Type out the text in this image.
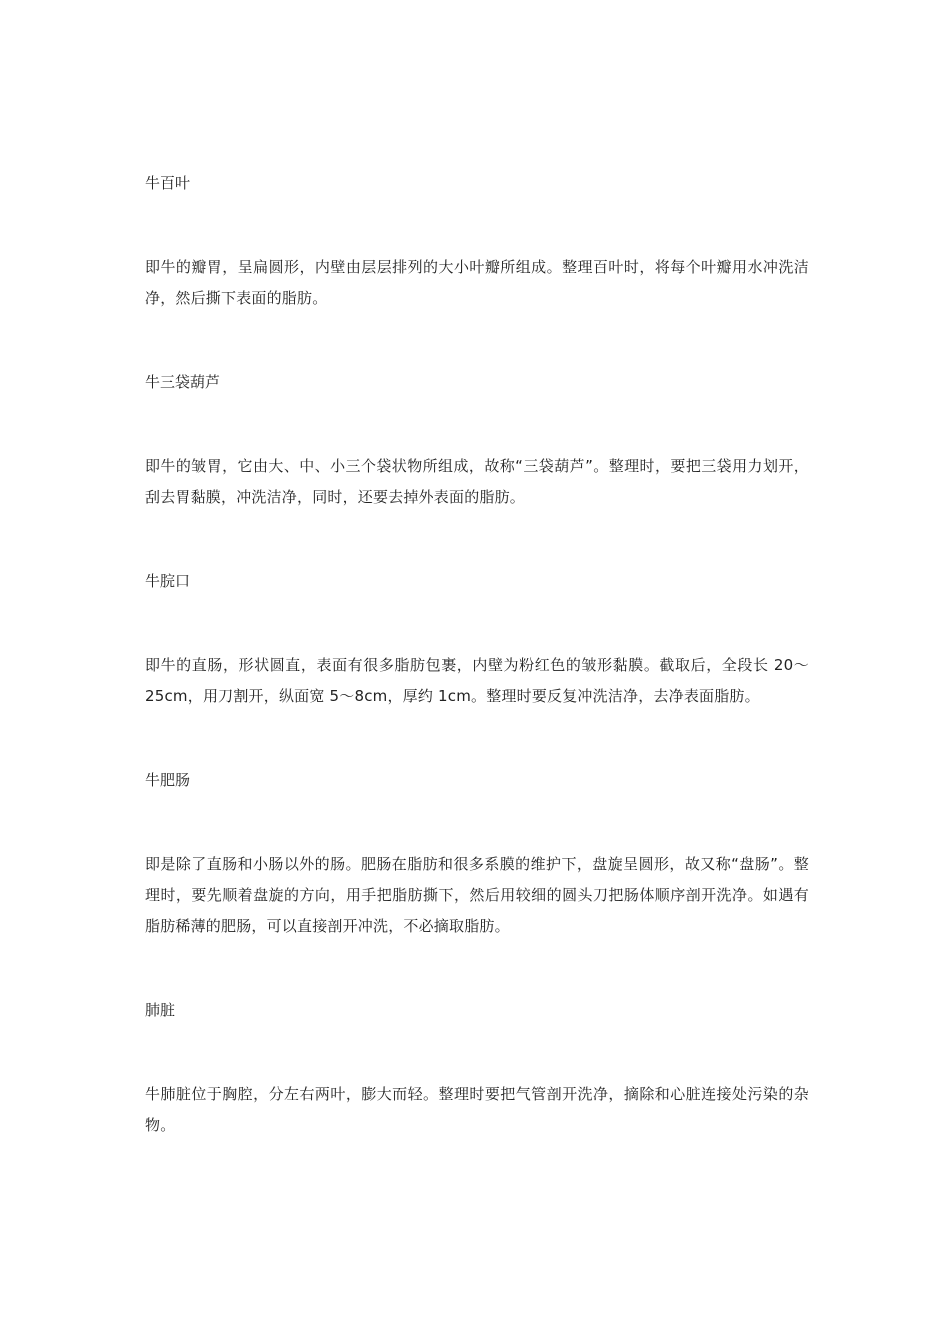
牛百叶
即牛的瓣胃，呈扁圆形，内壁由层层排列的大小叶瓣所组成。整理百叶时，将每个叶瓣用水冲洗洁净，然后撕下表面的脂肪。
牛三袋葫芦
即牛的皱胃，它由大、中、小三个袋状物所组成，故称“三袋葫芦”。整理时，要把三袋用力划开，刮去胃黏膜，冲洗洁净，同时，还要去掉外表面的脂肪。
牛脘口
即牛的直肠，形状圆直，表面有很多脂肪包裹，内壁为粉红色的皱形黏膜。截取后，全段长 20～25cm，用刀割开，纵面宽 5～8cm，厚约 1cm。整理时要反复冲洗洁净，去净表面脂肪。
牛肥肠
即是除了直肠和小肠以外的肠。肥肠在脂肪和很多系膜的维护下，盘旋呈圆形，故又称“盘肠”。整理时，要先顺着盘旋的方向，用手把脂肪撕下，然后用较细的圆头刀把肠体顺序剖开洗净。如遇有脂肪稀薄的肥肠，可以直接剖开冲洗，不必摘取脂肪。
肺脏
牛肺脏位于胸腔，分左右两叶，膨大而轻。整理时要把气管剖开洗净，摘除和心脏连接处污染的杂物。
